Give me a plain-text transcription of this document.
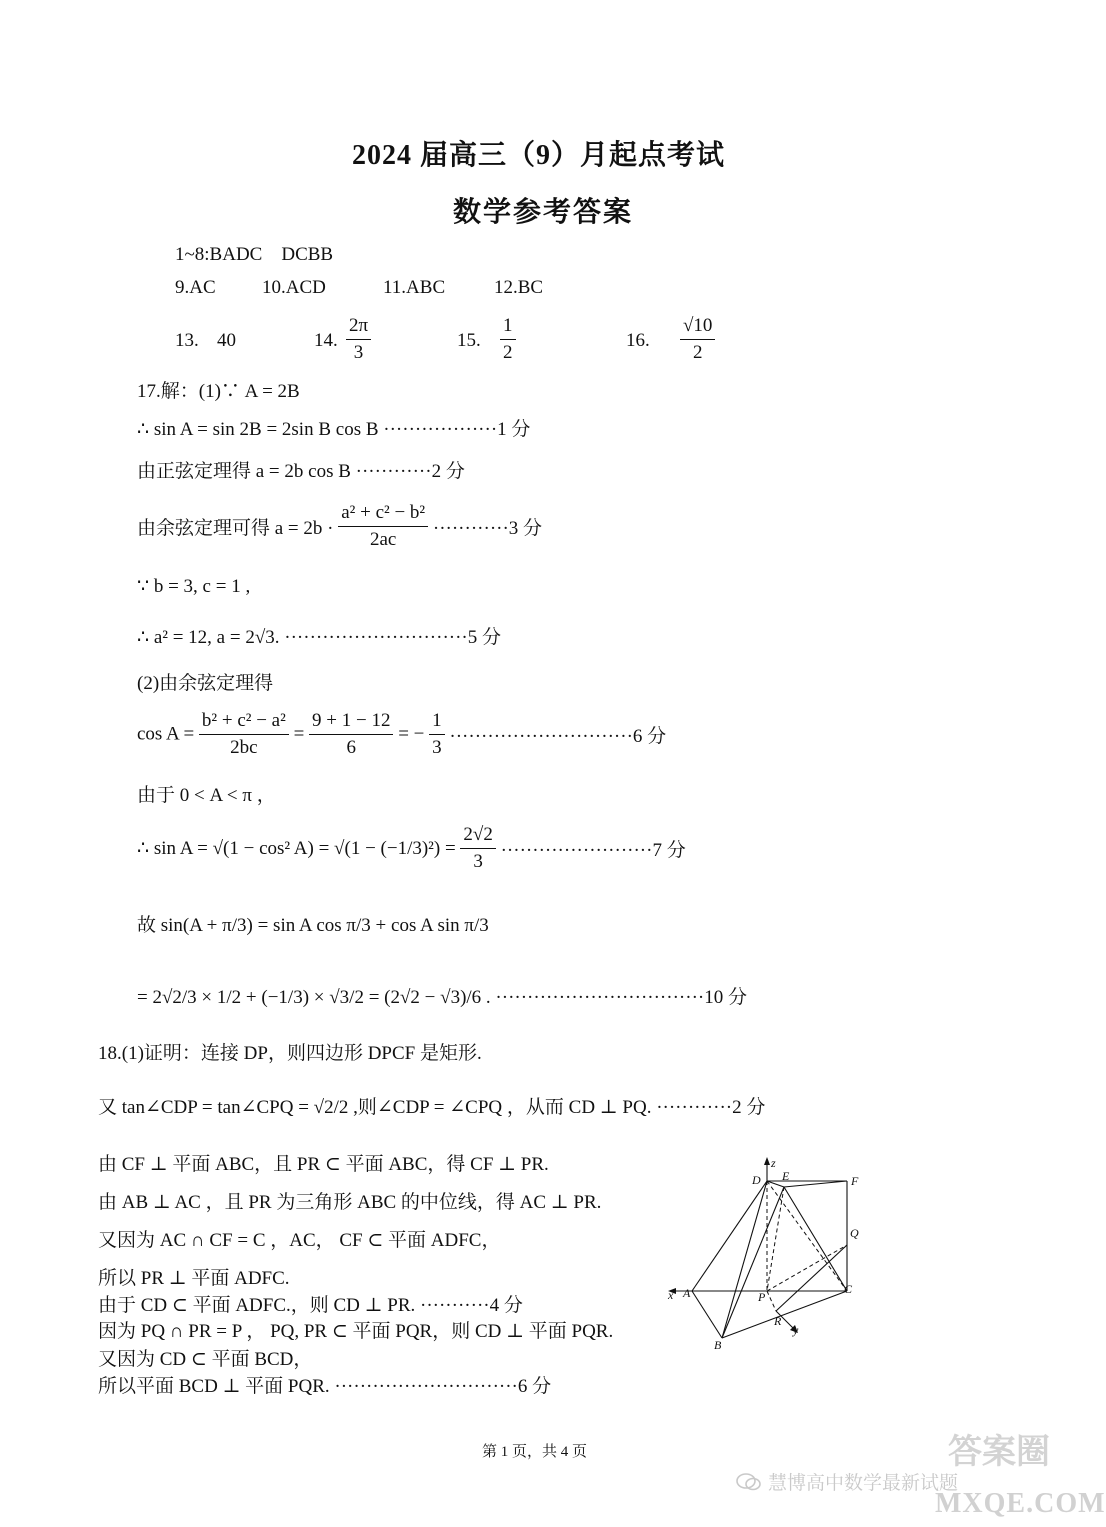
2024 届高三（9）月起点考试
数学参考答案
1~8:BADC    DCBB
9.AC 10.ACD	11.ABC	12.BC
13. 40	14. $\frac{2\pi}{3}$	15. $\frac{1}{2}$	16. $\frac{√10}{2}$
17.解：(1)∵ A = 2B
∴ sin A = sin 2B = 2sin B cos B ··················1 分
由正弦定理得 a = 2b cos B ············2 分
由余弦定理可得 $a = 2b \cdot \frac{\text{a² + c² − b²}}{2ac} \cdot\cdot\cdot\cdot\cdot\cdot\cdot\cdot\cdot\cdot\cdot\cdot 3$ 分
∵ b = 3, c = 1 ,
∴ a² = 12, a = 2√3. ·····························5 分
(2)由余弦定理得
$\cos A = \frac{\text{b² + c² − a²}}{2bc} = \frac{9 + 1 - 12}{6}$ = − $\frac{1}{3} \cdot\cdot\cdot\cdot\cdot\cdot\cdot\cdot\cdot\cdot\cdot\cdot\cdot\cdot\cdot\cdot\cdot\cdot\cdot\cdot\cdot\cdot\cdot\cdot\cdot\cdot\cdot\cdot\cdot 6$ 分
由于 0 < A < π ，
∴ sin A = √(1 − cos² $A) = √(1 - (-1/3)^2) = \frac{2√2}{3} \cdot\cdot\cdot\cdot\cdot\cdot\cdot\cdot\cdot\cdot\cdot\cdot\cdot\cdot\cdot\cdot\cdot\cdot\cdot\cdot\cdot\cdot\cdot\cdot 7$ 分
故 sin(A + π/3) = sin A cos π/3 + cos A sin π/3
= 2√2/3 × 1/2 + (−1/3) × √3/2 = (2√2 − √3)/6 . ·································10 分
18.(1)证明：连接 DP，则四边形 DPCF 是矩形.
又 tan∠CDP = tan∠CPQ = √2/2 ,则∠CDP = ∠CPQ ，从而 CD ⊥ PQ. ············2 分
由 CF ⊥ 平面 ABC，且 PR ⊂ 平面 ABC，得 CF ⊥ PR.
由 AB ⊥ AC ，且 PR 为三角形 ABC 的中位线，得 AC ⊥ PR.
又因为 AC ∩ CF = C ，AC， CF ⊂ 平面 ADFC，
所以 PR ⊥ 平面 ADFC.
由于 CD ⊂ 平面 ADFC.，则 CD ⊥ PR. ···········4 分
因为 PQ ∩ PR = P ， PQ, PR ⊂ 平面 PQR，则 CD ⊥ 平面 PQR.
又因为 CD ⊂ 平面 BCD，
所以平面 BCD ⊥ 平面 PQR. ·····························6 分
z
D E	F
Q
x A	P
C
R
y
B
第 1 页，共 4 页
慧博高中数学最新试题
答案圈
MXQE.COM
